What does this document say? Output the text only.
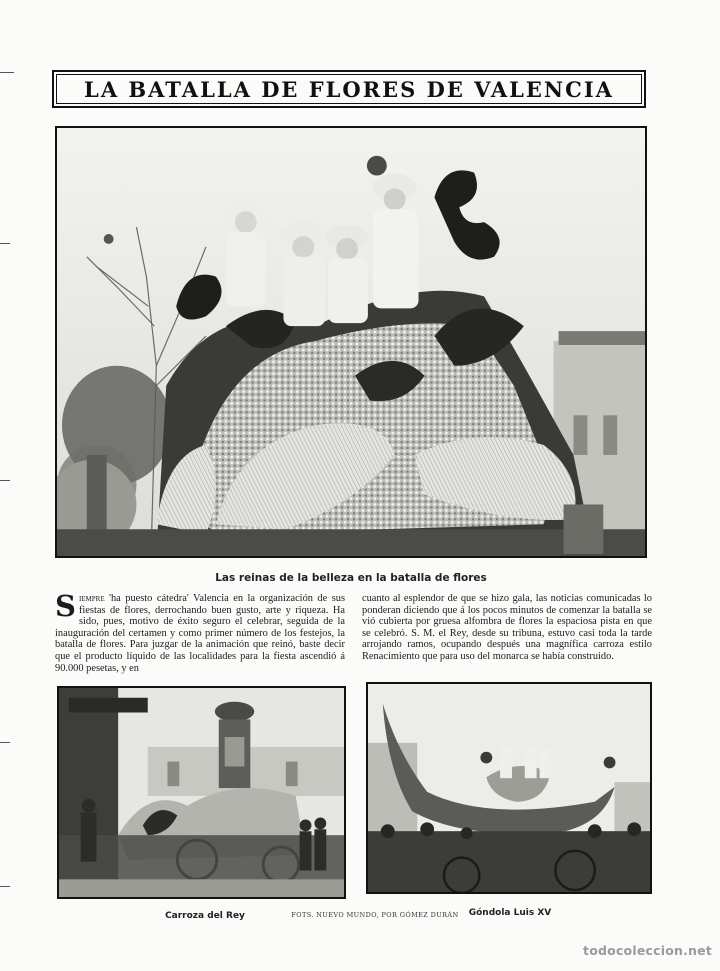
LA BATALLA DE FLORES DE VALENCIA
Las reinas de la belleza en la batalla de flores
Siempre 'ha puesto cátedra' Valencia en la organización de sus fiestas de flores, derrochando buen gusto, arte y riqueza. Ha sido, pues, motivo de éxito seguro el celebrar, seguida de la inauguración del certamen y como primer número de los festejos, la batalla de flores. Para juzgar de la animación que reinó, baste decir que el producto líquido de las localidades para la fiesta ascendió á 90.000 pesetas, y en
cuanto al esplendor de que se hizo gala, las noticias comunicadas lo ponderan diciendo que á los pocos minutos de comenzar la batalla se vió cubierta por gruesa alfombra de flores la espaciosa pista en que se celebró. S. M. el Rey, desde su tribuna, estuvo casi toda la tarde arrojando ramos, ocupando después una magnífica carroza estilo Renacimiento que para uso del monarca se había construido.
Carroza del Rey	FOTS. NUEVO MUNDO, POR GÓMEZ DURÁN	Góndola Luis XV
todocoleccion.net
